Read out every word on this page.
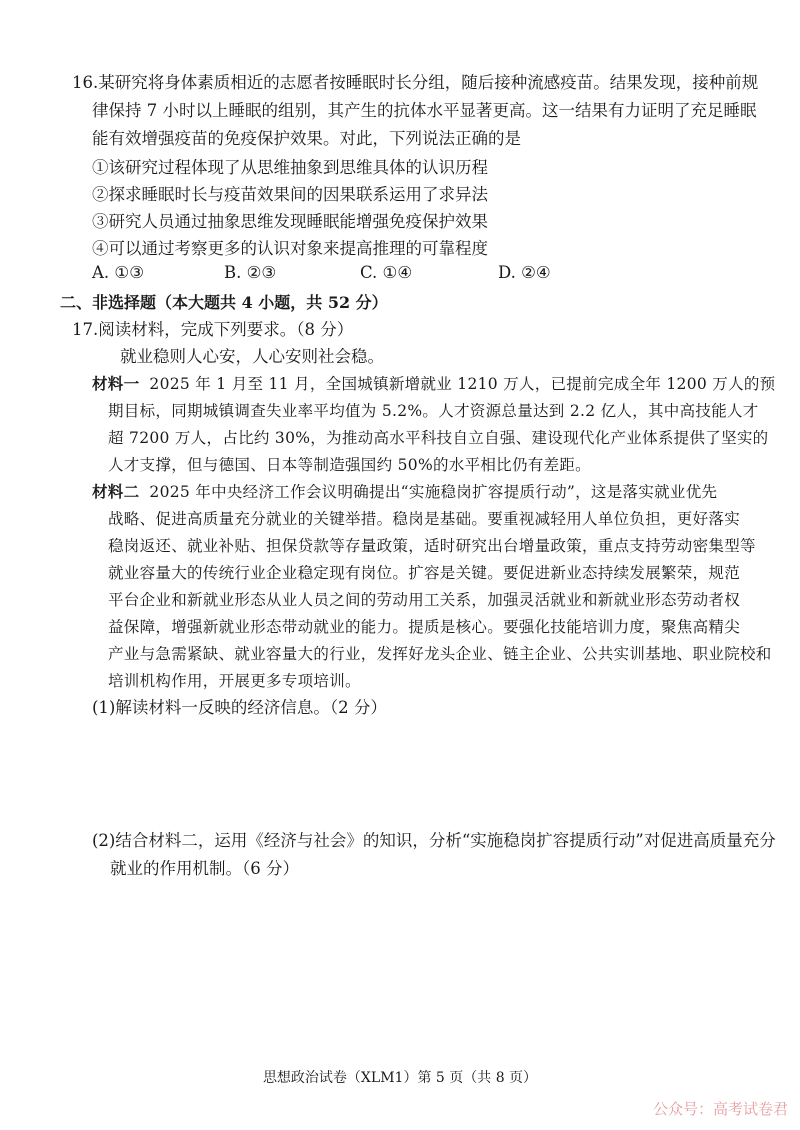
16.某研究将身体素质相近的志愿者按睡眠时长分组，随后接种流感疫苗。结果发现，接种前规
律保持 7 小时以上睡眠的组别，其产生的抗体水平显著更高。这一结果有力证明了充足睡眠
能有效增强疫苗的免疫保护效果。对此，下列说法正确的是
①该研究过程体现了从思维抽象到思维具体的认识历程
②探求睡眠时长与疫苗效果间的因果联系运用了求异法
③研究人员通过抽象思维发现睡眠能增强免疫保护效果
④可以通过考察更多的认识对象来提高推理的可靠程度
A. ①③	B. ②③	C. ①④	D. ②④
二、非选择题（本大题共 4 小题，共 52 分）
17.阅读材料，完成下列要求。（8 分）
就业稳则人心安，人心安则社会稳。
材料一 2025 年 1 月至 11 月，全国城镇新增就业 1210 万人，已提前完成全年 1200 万人的预
期目标，同期城镇调查失业率平均值为 5.2%。人才资源总量达到 2.2 亿人，其中高技能人才
超 7200 万人，占比约 30%，为推动高水平科技自立自强、建设现代化产业体系提供了坚实的
人才支撑，但与德国、日本等制造强国约 50%的水平相比仍有差距。
材料二 2025 年中央经济工作会议明确提出“实施稳岗扩容提质行动”，这是落实就业优先
战略、促进高质量充分就业的关键举措。稳岗是基础。要重视减轻用人单位负担，更好落实
稳岗返还、就业补贴、担保贷款等存量政策，适时研究出台增量政策，重点支持劳动密集型等
就业容量大的传统行业企业稳定现有岗位。扩容是关键。要促进新业态持续发展繁荣，规范
平台企业和新就业形态从业人员之间的劳动用工关系，加强灵活就业和新就业形态劳动者权
益保障，增强新就业形态带动就业的能力。提质是核心。要强化技能培训力度，聚焦高精尖
产业与急需紧缺、就业容量大的行业，发挥好龙头企业、链主企业、公共实训基地、职业院校和
培训机构作用，开展更多专项培训。
(1)解读材料一反映的经济信息。（2 分）
(2)结合材料二，运用《经济与社会》的知识，分析“实施稳岗扩容提质行动”对促进高质量充分
就业的作用机制。（6 分）
思想政治试卷（XLM1）第 5 页（共 8 页）
公众号：高考试卷君
